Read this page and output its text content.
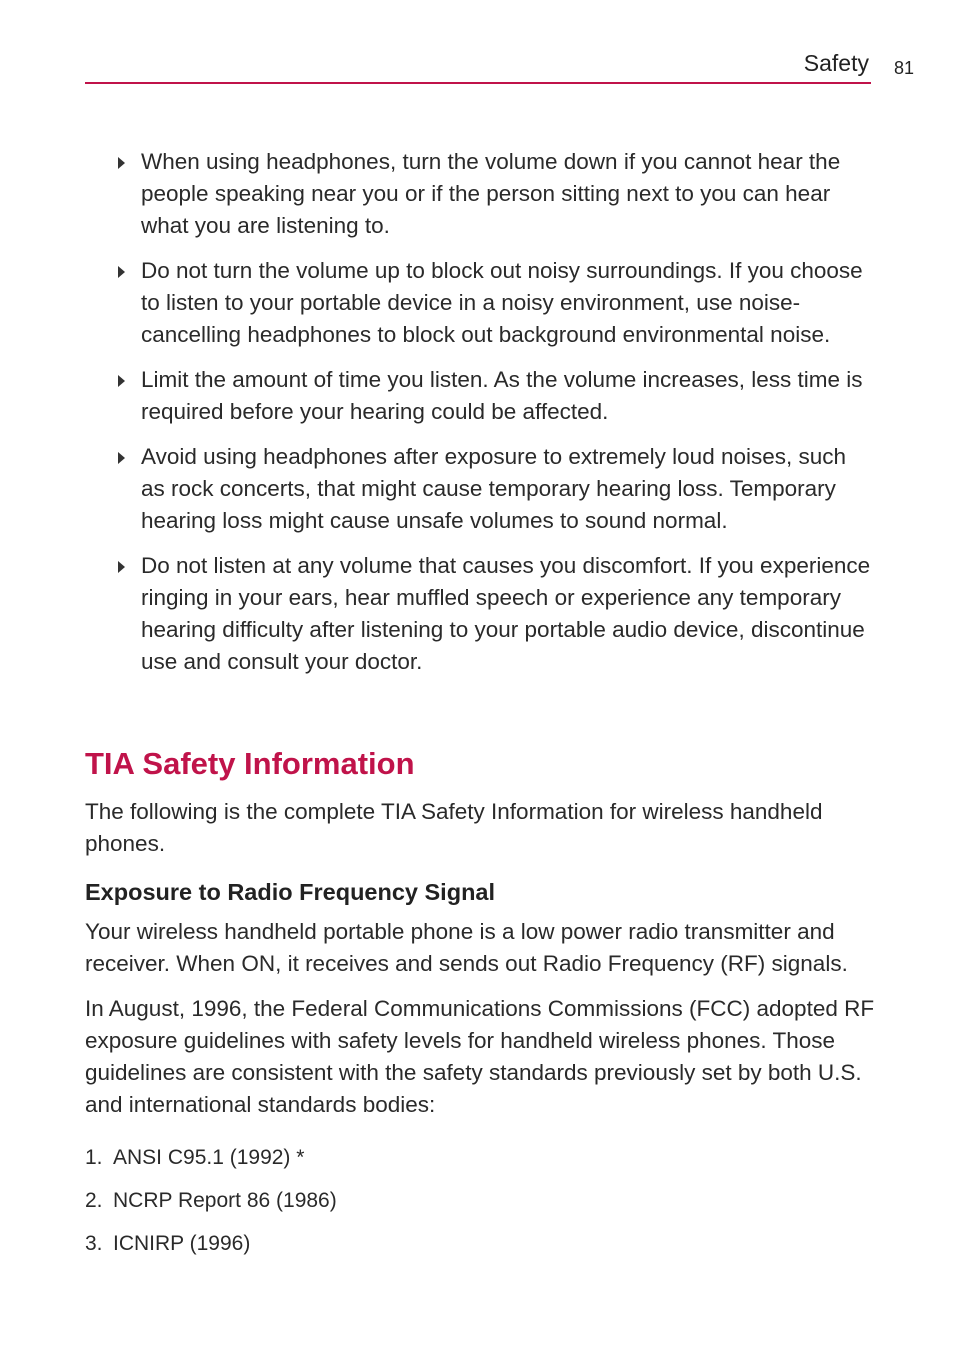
Safety 81
When using headphones, turn the volume down if you cannot hear the people speaking near you or if the person sitting next to you can hear what you are listening to.
Do not turn the volume up to block out noisy surroundings. If you choose to listen to your portable device in a noisy environment, use noise-cancelling headphones to block out background environmental noise.
Limit the amount of time you listen. As the volume increases, less time is required before your hearing could be affected.
Avoid using headphones after exposure to extremely loud noises, such as rock concerts, that might cause temporary hearing loss. Temporary hearing loss might cause unsafe volumes to sound normal.
Do not listen at any volume that causes you discomfort. If you experience ringing in your ears, hear muffled speech or experience any temporary hearing difficulty after listening to your portable audio device, discontinue use and consult your doctor.
TIA Safety Information

The following is the complete TIA Safety Information for wireless handheld phones.

Exposure to Radio Frequency Signal

Your wireless handheld portable phone is a low power radio transmitter and receiver. When ON, it receives and sends out Radio Frequency (RF) signals.

In August, 1996, the Federal Communications Commissions (FCC) adopted RF exposure guidelines with safety levels for handheld wireless phones. Those guidelines are consistent with the safety standards previously set by both U.S. and international standards bodies:

1. ANSI C95.1 (1992) *
2. NCRP Report 86 (1986)
3. ICNIRP (1996)
